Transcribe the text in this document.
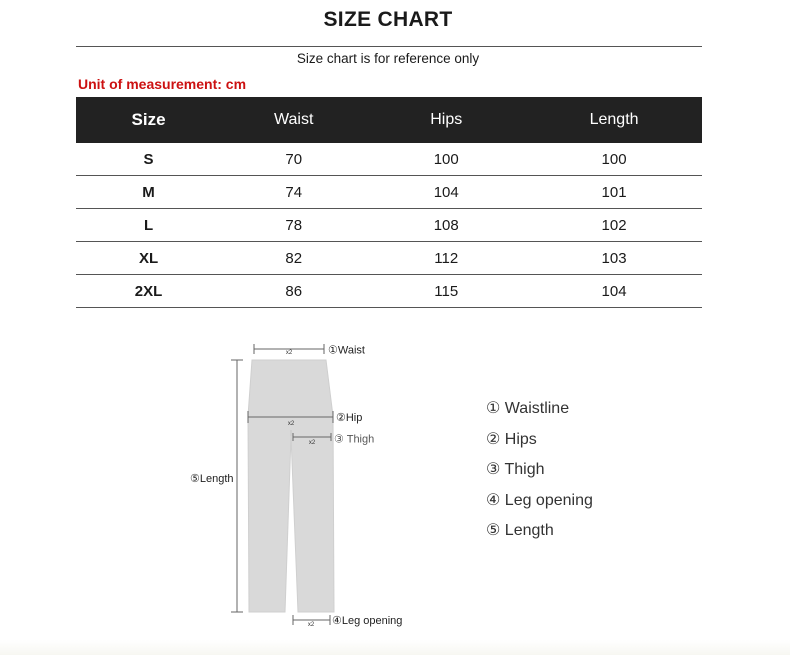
SIZE CHART
Size chart is for reference only
Unit of measurement: cm
Size	Waist	Hips	Length
S	70	100	100
M	74	104	101
L	78	108	102
XL	82	112	103
2XL	86	115	104
x2	①Waist
x2	②Hip
x2 ③ Thigh
⑤Length
x2 ④Leg opening
① Waistline
② Hips
③ Thigh
④ Leg opening
⑤ Length
